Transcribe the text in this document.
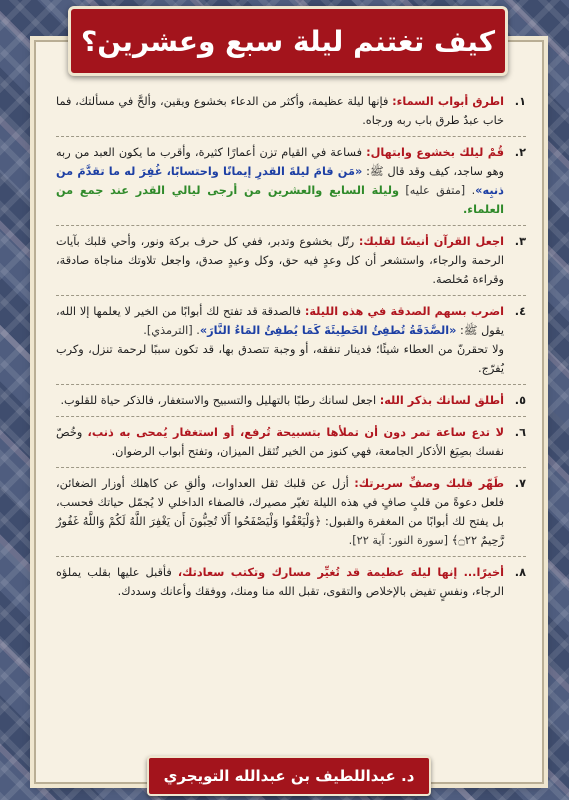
كيف تغتنم ليلة سبع وعشرين؟
١.
اطرق أبواب السماء: فإنها ليلة عظيمة، وأكثر من الدعاء بخشوع ويقين، وألحَّ في مسألتك، فما خاب عبدٌ طرق باب ربه ورجاه.
٢.
قُمْ ليلك بخشوع وابتهال: فساعة في القيام تزن أعمارًا كثيرة، وأقرب ما يكون العبد من ربه وهو ساجد، كيف وقد قال ﷺ: «مَن قامَ ليلةَ القدرِ إيمانًا واحتسابًا، غُفِرَ له ما تقدَّمَ من ذنبِه». [متفق عليه] وليلة السابع والعشرين من أرجى ليالي القدر عند جمع من العلماء.
٣.
اجعل القرآن أنيسًا لقلبك: رتّل بخشوع وتدبر، ففي كل حرف بركة ونور، وأحي قلبك بآيات الرحمة والرجاء، واستشعر أن كل وعدٍ فيه حق، وكل وعيدٍ صدق، واجعل تلاوتك مناجاة صادقة، وقراءة مُخلصة.
٤.
اضرب بسهم الصدقة في هذه الليلة: فالصدقة قد تفتح لك أبوابًا من الخير لا يعلمها إلا الله، يقول ﷺ: «الصَّدَقَةُ تُطفِئُ الخَطِيئَةَ كَمَا يُطفِئُ المَاءُ النَّارَ». [الترمذي].
ولا تحقرنّ من العطاء شيئًا؛ فدينار تنفقه، أو وجبة تتصدق بها، قد تكون سببًا لرحمة تنزل، وكرب يُفرّج.
٥.
أطلق لسانك بذكر الله: اجعل لسانك رطبًا بالتهليل والتسبيح والاستغفار، فالذكر حياة للقلوب.
٦.
لا تدع ساعة تمر دون أن تملأها بتسبيحة تُرفع، أو استغفار يُمحى به ذنب، وخُصّ نفسك بصِيَغ الأذكار الجامعة، فهي كنوز من الخير تُثقل الميزان، وتفتح أبواب الرضوان.
٧.
طَهّر قلبك وصفِّ سريرتك: أزل عن قلبك ثقل العداوات، وألقِ عن كاهلك أوزار الضغائن، فلعل دعوةً من قلبٍ صافٍ في هذه الليلة تغيّر مصيرك، فالصفاء الداخلي لا يُجمّل حياتك فحسب، بل يفتح لك أبوابًا من المغفرة والقبول: ﴿وَلْيَعْفُوا وَلْيَصْفَحُوا أَلَا تُحِبُّونَ أَن يَغْفِرَ اللَّهُ لَكُمْ وَاللَّهُ غَفُورٌ رَّحِيمٌ ۝٢٢﴾ [سورة النور: آية ٢٢].
٨.
أخيرًا... إنها ليلة عظيمة قد تُغيِّر مسارك وتكتب سعادتك، فأقبل عليها بقلب يملؤه الرجاء، ونفسٍ تفيض بالإخلاص والتقوى، تقبل الله منا ومنك، ووفقك وأعانك وسددك.
د. عبداللطيف بن عبدالله التويجري
